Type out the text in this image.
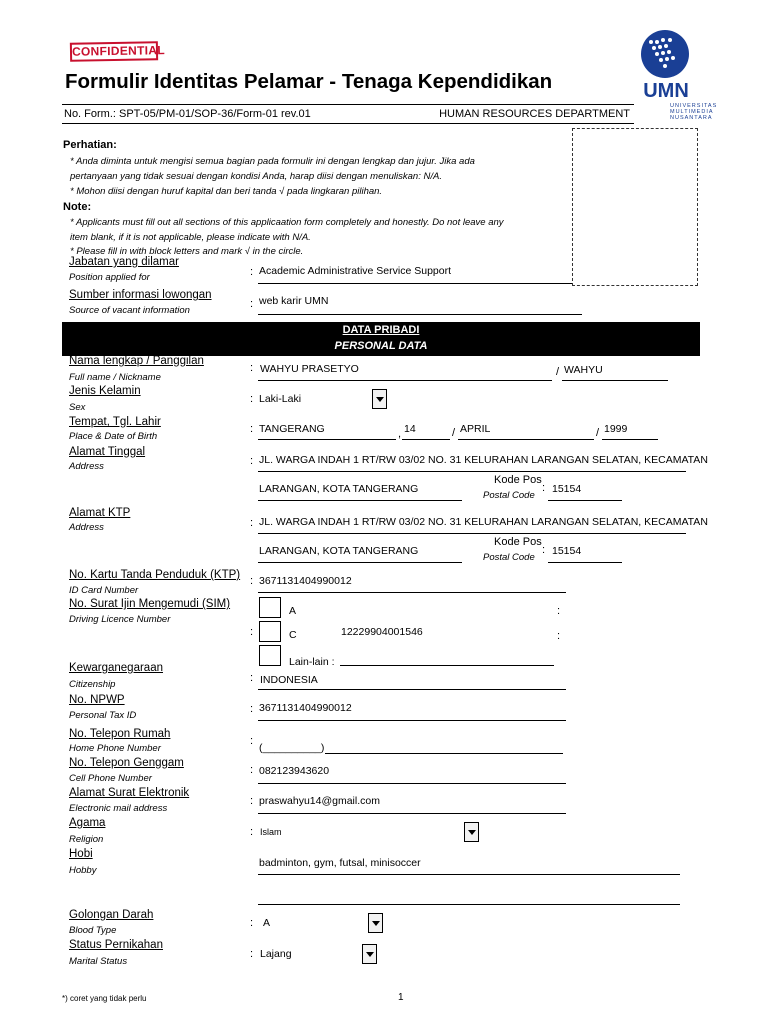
CONFIDENTIAL
Formulir Identitas Pelamar - Tenaga Kependidikan	UMN
UNIVERSITAS
MULTIMEDIA
NUSANTARA
No. Form.: SPT-05/PM-01/SOP-36/Form-01 rev.01	HUMAN RESOURCES DEPARTMENT
Perhatian:
* Anda diminta untuk mengisi semua bagian pada formulir ini dengan lengkap dan jujur. Jika ada
pertanyaan yang tidak sesuai dengan kondisi Anda, harap diisi dengan menuliskan: N/A.
* Mohon diisi dengan huruf kapital dan beri tanda √ pada lingkaran pilihan.
Note:
* Applicants must fill out all sections of this applicaation form completely and honestly. Do not leave any
item blank, if it is not applicable, please indicate with N/A.
* Please fill in with block letters and mark √ in the circle.
Jabatan yang dilamar
Position applied for	: Academic Administrative Service Support
Sumber informasi lowongan
Source of vacant information
: web karir UMN
DATA PRIBADI
PERSONAL DATA
Nama lengkap / Panggilan
Full name / Nickname
: WAHYU PRASETYO	/ WAHYU
Jenis Kelamin
Sex
: Laki-Laki
Tempat, Tgl. Lahir
Place & Date of Birth
: TANGERANG	, 14	/ APRIL	/ 1999
Alamat Tinggal
Address	: JL. WARGA INDAH 1 RT/RW 03/02 NO. 31 KELURAHAN LARANGAN SELATAN, KECAMATAN
LARANGAN, KOTA TANGERANG
Kode Pos
Postal Code
: 15154
Alamat KTP
Address	: JL. WARGA INDAH 1 RT/RW 03/02 NO. 31 KELURAHAN LARANGAN SELATAN, KECAMATAN
LARANGAN, KOTA TANGERANG
Kode Pos
Postal Code
: 15154
No. Kartu Tanda Penduduk (KTP)
ID Card Number
: 3671131404990012
No. Surat Ijin Mengemudi (SIM)
Driving Licence Number
:
A	:
C	12229904001546	:
Lain-lain :
Kewarganegaraan
Citizenship
: INDONESIA
No. NPWP
Personal Tax ID
: 3671131404990012
No. Telepon Rumah
Home Phone Number
:
(__________)
No. Telepon Genggam
Cell Phone Number
: 082123943620
Alamat Surat Elektronik
Electronic mail address
: praswahyu14@gmail.com
Agama
Religion
: Islam
Hobi
Hobby
badminton, gym, futsal, minisoccer
Golongan Darah
Blood Type
: A
Status Pernikahan
Marital Status
: Lajang
*) coret yang tidak perlu	1
